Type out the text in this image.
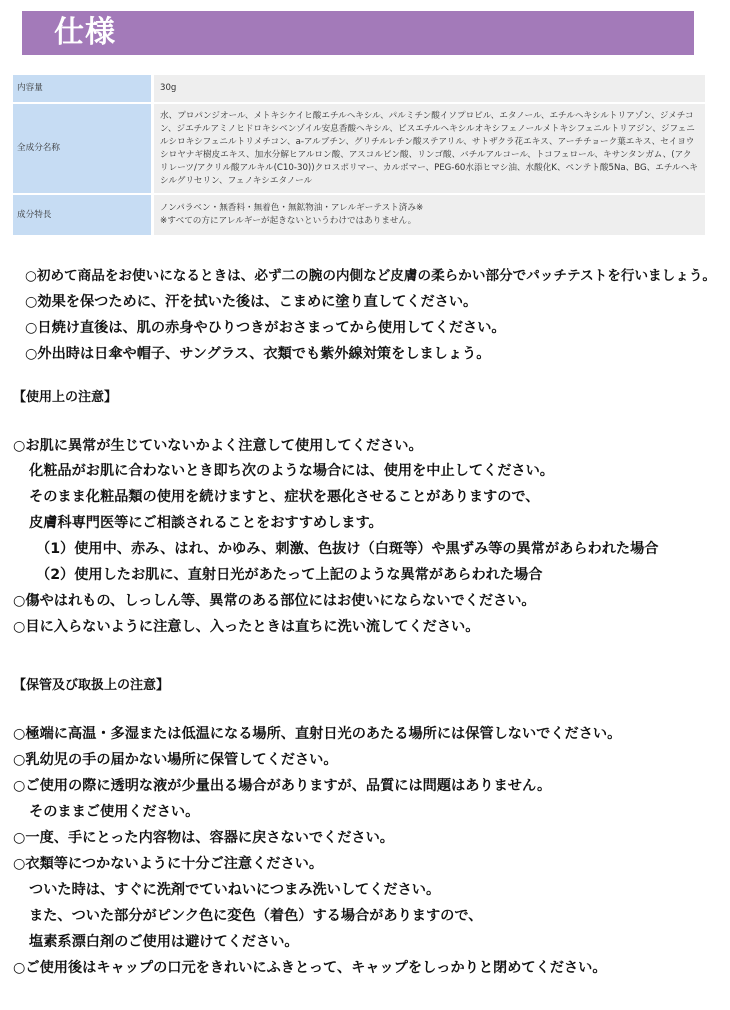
仕様
内容量	30g
全成分名称	水、プロパンジオール、メトキシケイヒ酸エチルヘキシル、パルミチン酸イソプロピル、エタノール、エチルヘキシルトリアゾン、ジメチコン、ジエチルアミノヒドロキシベンゾイル安息香酸ヘキシル、ビスエチルヘキシルオキシフェノールメトキシフェニルトリアジン、ジフェニルシロキシフェニルトリメチコン、a-アルブチン、グリチルレチン酸ステアリル、サトザクラ花エキス、アーチチョーク葉エキス、セイヨウシロヤナギ樹皮エキス、加水分解ヒアルロン酸、アスコルビン酸、リンゴ酸、バチルアルコール、トコフェロール、キサンタンガム、(アクリレーツ/アクリル酸アルキル(C10-30))クロスポリマー、カルボマー、PEG-60水添ヒマシ油、水酸化K、ペンテト酸5Na、BG、エチルヘキシルグリセリン、フェノキシエタノール
成分特長	ノンパラベン・無香料・無着色・無鉱物油・アレルギーテスト済み※
※すべての方にアレルギーが起きないというわけではありません。
○初めて商品をお使いになるときは、必ず二の腕の内側など皮膚の柔らかい部分でパッチテストを行いましょう。
○効果を保つために、汗を拭いた後は、こまめに塗り直してください。
○日焼け直後は、肌の赤身やひりつきがおさまってから使用してください。
○外出時は日傘や帽子、サングラス、衣類でも紫外線対策をしましょう。
【使用上の注意】
○お肌に異常が生じていないかよく注意して使用してください。
化粧品がお肌に合わないとき即ち次のような場合には、使用を中止してください。
そのまま化粧品類の使用を続けますと、症状を悪化させることがありますので、
皮膚科専門医等にご相談されることをおすすめします。
（1）使用中、赤み、はれ、かゆみ、刺激、色抜け（白斑等）や黒ずみ等の異常があらわれた場合
（2）使用したお肌に、直射日光があたって上記のような異常があらわれた場合
○傷やはれもの、しっしん等、異常のある部位にはお使いにならないでください。
○目に入らないように注意し、入ったときは直ちに洗い流してください。
【保管及び取扱上の注意】
○極端に高温・多湿または低温になる場所、直射日光のあたる場所には保管しないでください。
○乳幼児の手の届かない場所に保管してください。
○ご使用の際に透明な液が少量出る場合がありますが、品質には問題はありません。
そのままご使用ください。
○一度、手にとった内容物は、容器に戻さないでください。
○衣類等につかないように十分ご注意ください。
ついた時は、すぐに洗剤でていねいにつまみ洗いしてください。
また、ついた部分がピンク色に変色（着色）する場合がありますので、
塩素系漂白剤のご使用は避けてください。
○ご使用後はキャップの口元をきれいにふきとって、キャップをしっかりと閉めてください。
